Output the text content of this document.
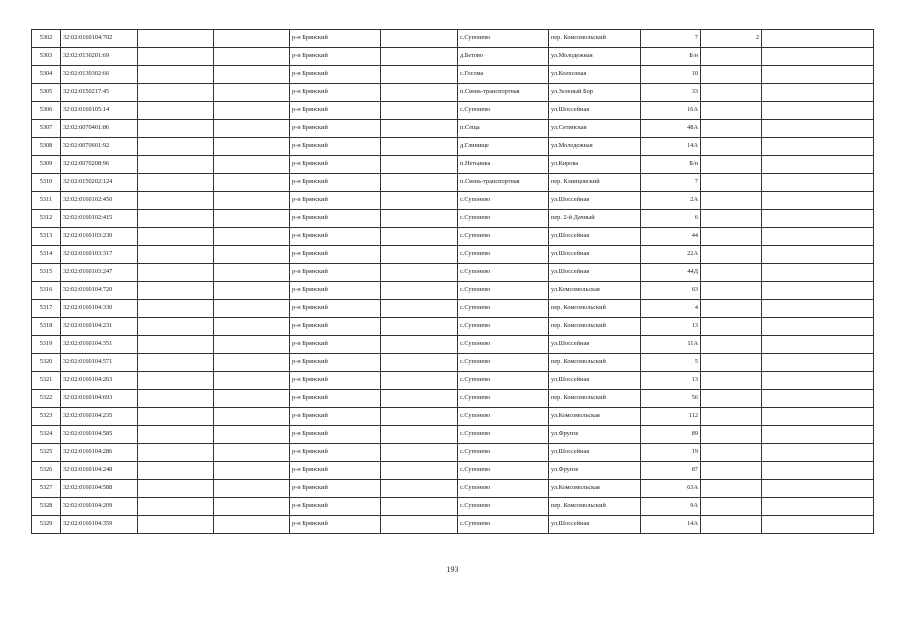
5302	32:02:0160104:702			р-н Брянский		с.Супонево	пер. Комсомольский	7	2	
5303	32:02:0130201:69			р-н Брянский		д.Бетово	ул.Молодежная	Б/н		
5304	32:02:0130302:66			р-н Брянский		с.Госома	ул.Колхозная	10		
5305	32:02:0150217:45			р-н Брянский		п.Свень-транспортная	ул.Зеленый Бор	33		
5306	32:02:0160105:14			р-н Брянский		с.Супонево	ул.Шоссейная	16А		
5307	32:02:0070401:86			р-н Брянский		п.Сеща	ул.Сетинская	48А		
5308	32:02:0070601:92			р-н Брянский		д.Глинище	ул.Молодежная	14А		
5309	32:02:0070208:96			р-н Брянский		п.Нетьинка	ул.Кирова	Б/н		
5310	32:02:0150202:124			р-н Брянский		п.Свень-транспортная	пер. Клинцовский	7		
5311	32:02:0160102:450			р-н Брянский		с.Супонево	ул.Шоссейная	2А		
5312	32:02:0160102:415			р-н Брянский		с.Супонево	пер. 2-й Дачный	6		
5313	32:02:0160103:230			р-н Брянский		с.Супонево	ул.Шоссейная	44		
5314	32:02:0160103:317			р-н Брянский		с.Супонево	ул.Шоссейная	22А		
5315	32:02:0160103:247			р-н Брянский		с.Супонево	ул.Шоссейная	44Д		
5316	32:02:0160104:720			р-н Брянский		с.Супонево	ул.Комсомольская	63		
5317	32:02:0160104:330			р-н Брянский		с.Супонево	пер. Комсомольский	4		
5318	32:02:0160104:231			р-н Брянский		с.Супонево	пер. Комсомольский	13		
5319	32:02:0160104:351			р-н Брянский		с.Супонево	ул.Шоссейная	11А		
5320	32:02:0160104:571			р-н Брянский		с.Супонево	пер. Комсомольский	5		
5321	32:02:0160104:263			р-н Брянский		с.Супонево	ул.Шоссейная	13		
5322	32:02:0160104:693			р-н Брянский		с.Супонево	пер. Комсомольский	56		
5323	32:02:0160104:235			р-н Брянский		с.Супонево	ул.Комсомольская	112		
5324	32:02:0160104:585			р-н Брянский		с.Супонево	ул.Фрунзе	89		
5325	32:02:0160104:286			р-н Брянский		с.Супонево	ул.Шоссейная	19		
5326	32:02:0160104:248			р-н Брянский		с.Супонево	ул.Фрунзе	87		
5327	32:02:0160104:588			р-н Брянский		с.Супонево	ул.Комсомольская	63А		
5328	32:02:0160104:209			р-н Брянский		с.Супонево	пер. Комсомольский	9А		
5329	32:02:0160104:359			р-н Брянский		с.Супонево	ул.Шоссейная	14А		
193
